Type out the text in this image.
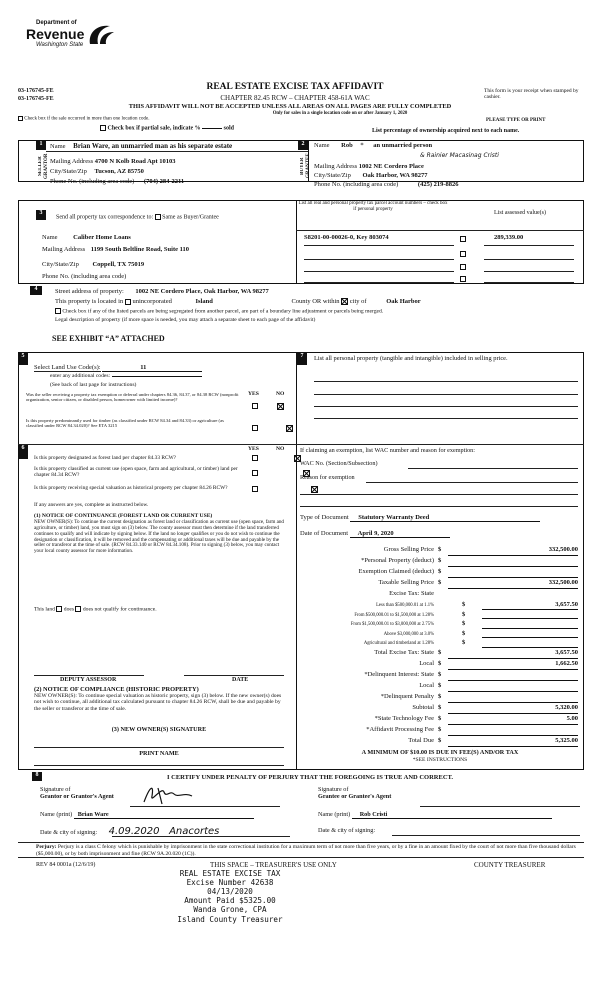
Department of
Revenue
Washington State
03-176745-FE
03-176745-FE
REAL ESTATE EXCISE TAX AFFIDAVIT
CHAPTER 82.45 RCW – CHAPTER 458-61A WAC
THIS AFFIDAVIT WILL NOT BE ACCEPTED UNLESS ALL AREAS ON ALL PAGES ARE FULLY COMPLETED
Only for sales in a single location code on or after January 1, 2020
This form is your receipt when stamped by cashier.
PLEASE TYPE OR PRINT
Check box if the sale occurred in more than one location code.
Check box if partial sale, indicate %	sold	List percentage of ownership acquired next to each name.
1	Name Brian Ware, an unmarried man as his separate estate
SELLER GRANTOR Mailing Address 4700 N Kolb Road Apt 10103
City/State/Zip Tucson, AZ 85750
Phone No. (including area code) (704) 284-2211
2	Name Rob * an unmarried person
& Rainier Macasinag Cristi
BUYER GRANTEE Mailing Address 1002 NE Cordero Place
City/State/Zip Oak Harbor, WA 98277
Phone No. (including area code)	(425) 219-8826
3
Send all property tax correspondence to: Same as Buyer/Grantee
Name Caliber Home Loans
Mailing Address 1199 South Beltline Road, Suite 110
City/State/Zip Coppell, TX 75019
Phone No. (including area code)
List all real and personal property tax parcel account numbers – check box if personal property
List assessed value(s)
S8201-00-00026-0, Key 803074	289,339.00
4	Street address of property: 1002 NE Cordero Place, Oak Harbor, WA 98277
This property is located in unincorporated	Island	County OR within city of	Oak Harbor
Check box if any of the listed parcels are being segregated from another parcel, are part of a boundary line adjustment or parcels being merged.
Legal description of property (if more space is needed, you may attach a separate sheet to each page of the affidavit)
SEE EXHIBIT “A” ATTACHED
5
Select Land Use Code(s):	11
enter any additional codes:
(See back of last page for instructions)
YES	NO
Was the seller receiving a property tax exemption or deferral under chapters 84.36, 84.37, or 84.38 RCW (nonprofit organization, senior citizen, or disabled person, homeowner with limited income)?

Is this property predominantly used for timber (as classified under RCW 84.34 and 84.33) or agriculture (as classified under RCW 84.34.020)? See ETA 3215

6	YES	NO
Is this property designated as forest land per chapter 84.33 RCW?

Is this property classified as current use (open space, farm and agricultural, or timber) land per chapter 84.34 RCW?

Is this property receiving special valuation as historical property per chapter 84.26 RCW?
If any answers are yes, complete as instructed below.
(1) NOTICE OF CONTINUANCE (FOREST LAND OR CURRENT USE)
NEW OWNER(S): To continue the current designation as forest land or classification as current use (open space, farm and agriculture, or timber) land, you must sign on (3) below. The county assessor must then determine if the land transferred continues to qualify and will indicate by signing below. If the land no longer qualifies or you do not wish to continue the designation or classification, it will be removed and the compensating or additional taxes will be due and payable by the seller or transferor at the time of sale. (RCW 84.33.140 or RCW 84.34.108). Prior to signing (3) below, you may contact your local county assessor for more information.
This land does does not qualify for continuance.
DEPUTY ASSESSOR	DATE
(2) NOTICE OF COMPLIANCE (HISTORIC PROPERTY)
NEW OWNER(S): To continue special valuation as historic property, sign (3) below. If the new owner(s) does not wish to continue, all additional tax calculated pursuant to chapter 84.26 RCW, shall be due and payable by the seller or transferor at the time of sale.
(3) NEW OWNER(S) SIGNATURE
PRINT NAME
7	List all personal property (tangible and intangible) included in selling price.
If claiming an exemption, list WAC number and reason for exemption:
WAC No. (Section/Subsection)
Reason for exemption
Type of Document Statutory Warranty Deed
Date of Document April 9, 2020
Gross Selling Price $	332,500.00
*Personal Property (deduct) $
Exemption Claimed (deduct) $
Taxable Selling Price $	332,500.00
Excise Tax: State
Less than $500,000.01 at 1.1%	$	3,657.50
From $500,000.01 to $1,500,000 at 1.28%	$
From $1,500,000.01 to $3,000,000 at 2.75%	$
Above $3,000,000 at 3.0%	$
Agricultural and timberland at 1.28%	$
Total Excise Tax: State $	3,657.50
Local $	1,662.50
*Delinquent Interest: State $
Local $
*Delinquent Penalty $
Subtotal $	5,320.00
*State Technology Fee $	5.00
*Affidavit Processing Fee $
Total Due $	5,325.00
A MINIMUM OF $10.00 IS DUE IN FEE(S) AND/OR TAX
*SEE INSTRUCTIONS
8	I CERTIFY UNDER PENALTY OF PERJURY THAT THE FOREGOING IS TRUE AND CORRECT.
Signature of
Grantor or Grantor's Agent
Signature of
Grantee or Grantee's Agent
Name (print) Brian Ware	Name (print) Rob Cristi
Date & city of signing: 4.09.2020 Anacortes	Date & city of signing:
Perjury: Perjury is a class C felony which is punishable by imprisonment in the state correctional institution for a maximum term of not more than five years, or by a fine in an amount fixed by the court of not more than five thousand dollars ($5,000.00), or by both imprisonment and fine (RCW 9A.20.020 (1C)).
REV 84 0001a (12/6/19)	THIS SPACE – TREASURER'S USE ONLY	COUNTY TREASURER
REAL ESTATE EXCISE TAX
Excise Number 42638
04/13/2020
Amount Paid $5325.00
Wanda Grone, CPA
Island County Treasurer
